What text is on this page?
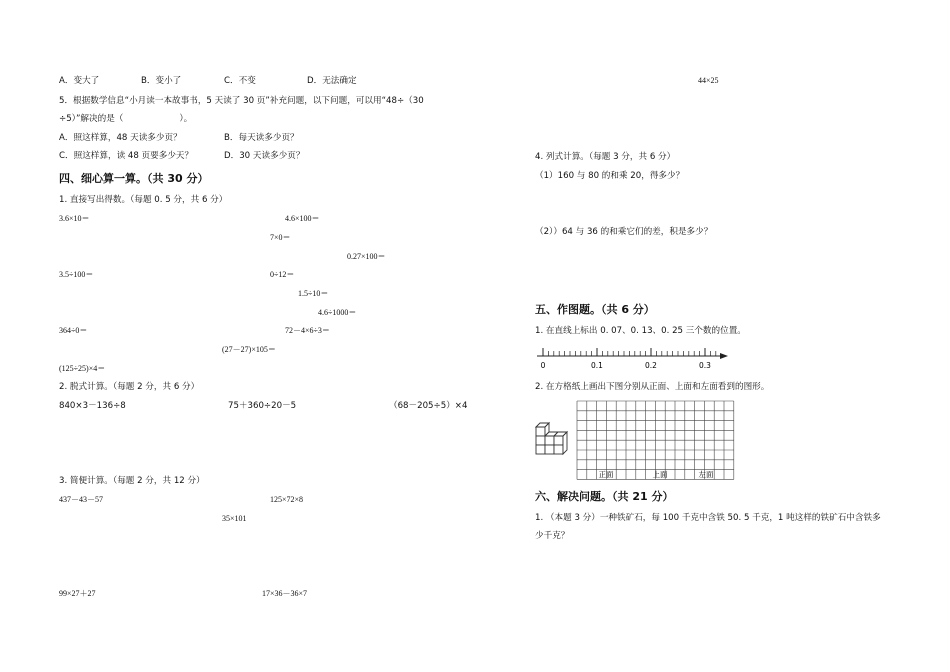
A．变大了	B．变小了	C．不变	D．无法确定
5．根据数学信息“小月读一本故事书，5 天读了 30 页”补充问题，以下问题，可以用“48÷（30
÷5）”解决的是（	）。
A．照这样算，48 天读多少页？	B．每天读多少页？
C．照这样算，读 48 页要多少天？	D．30 天读多少页？
四、细心算一算。（共 30 分）
1. 直接写出得数。（每题 0. 5 分，共 6 分）
3.6×10＝	4.6×100＝
7×0＝
0.27×100＝
3.5÷100＝	0÷12＝
1.5÷10＝
4.6÷1000＝
364÷0＝	72－4×6÷3＝
(27－27)×105＝
(125÷25)×4＝
2. 脱式计算。（每题 2 分，共 6 分）
840×3－136÷8	75＋360÷20－5	（68－205÷5）×4
3. 简便计算。（每题 2 分，共 12 分）
437－43－57	125×72×8
35×101
99×27＋27	17×36－36×7
44×25
4. 列式计算。（每题 3 分，共 6 分）
（1）160 与 80 的和乘 20，得多少？
（2））64 与 36 的和乘它们的差，积是多少？
五、作图题。（共 6 分）
1. 在直线上标出 0. 07、0. 13、0. 25 三个数的位置。
0	0.1	0.2	0.3
2. 在方格纸上画出下图分别从正面、上面和左面看到的图形。
正面	上面	左面
六、解决问题。（共 21 分）
1. （本题 3 分）一种铁矿石，每 100 千克中含铁 50. 5 千克，1 吨这样的铁矿石中含铁多
少千克？
